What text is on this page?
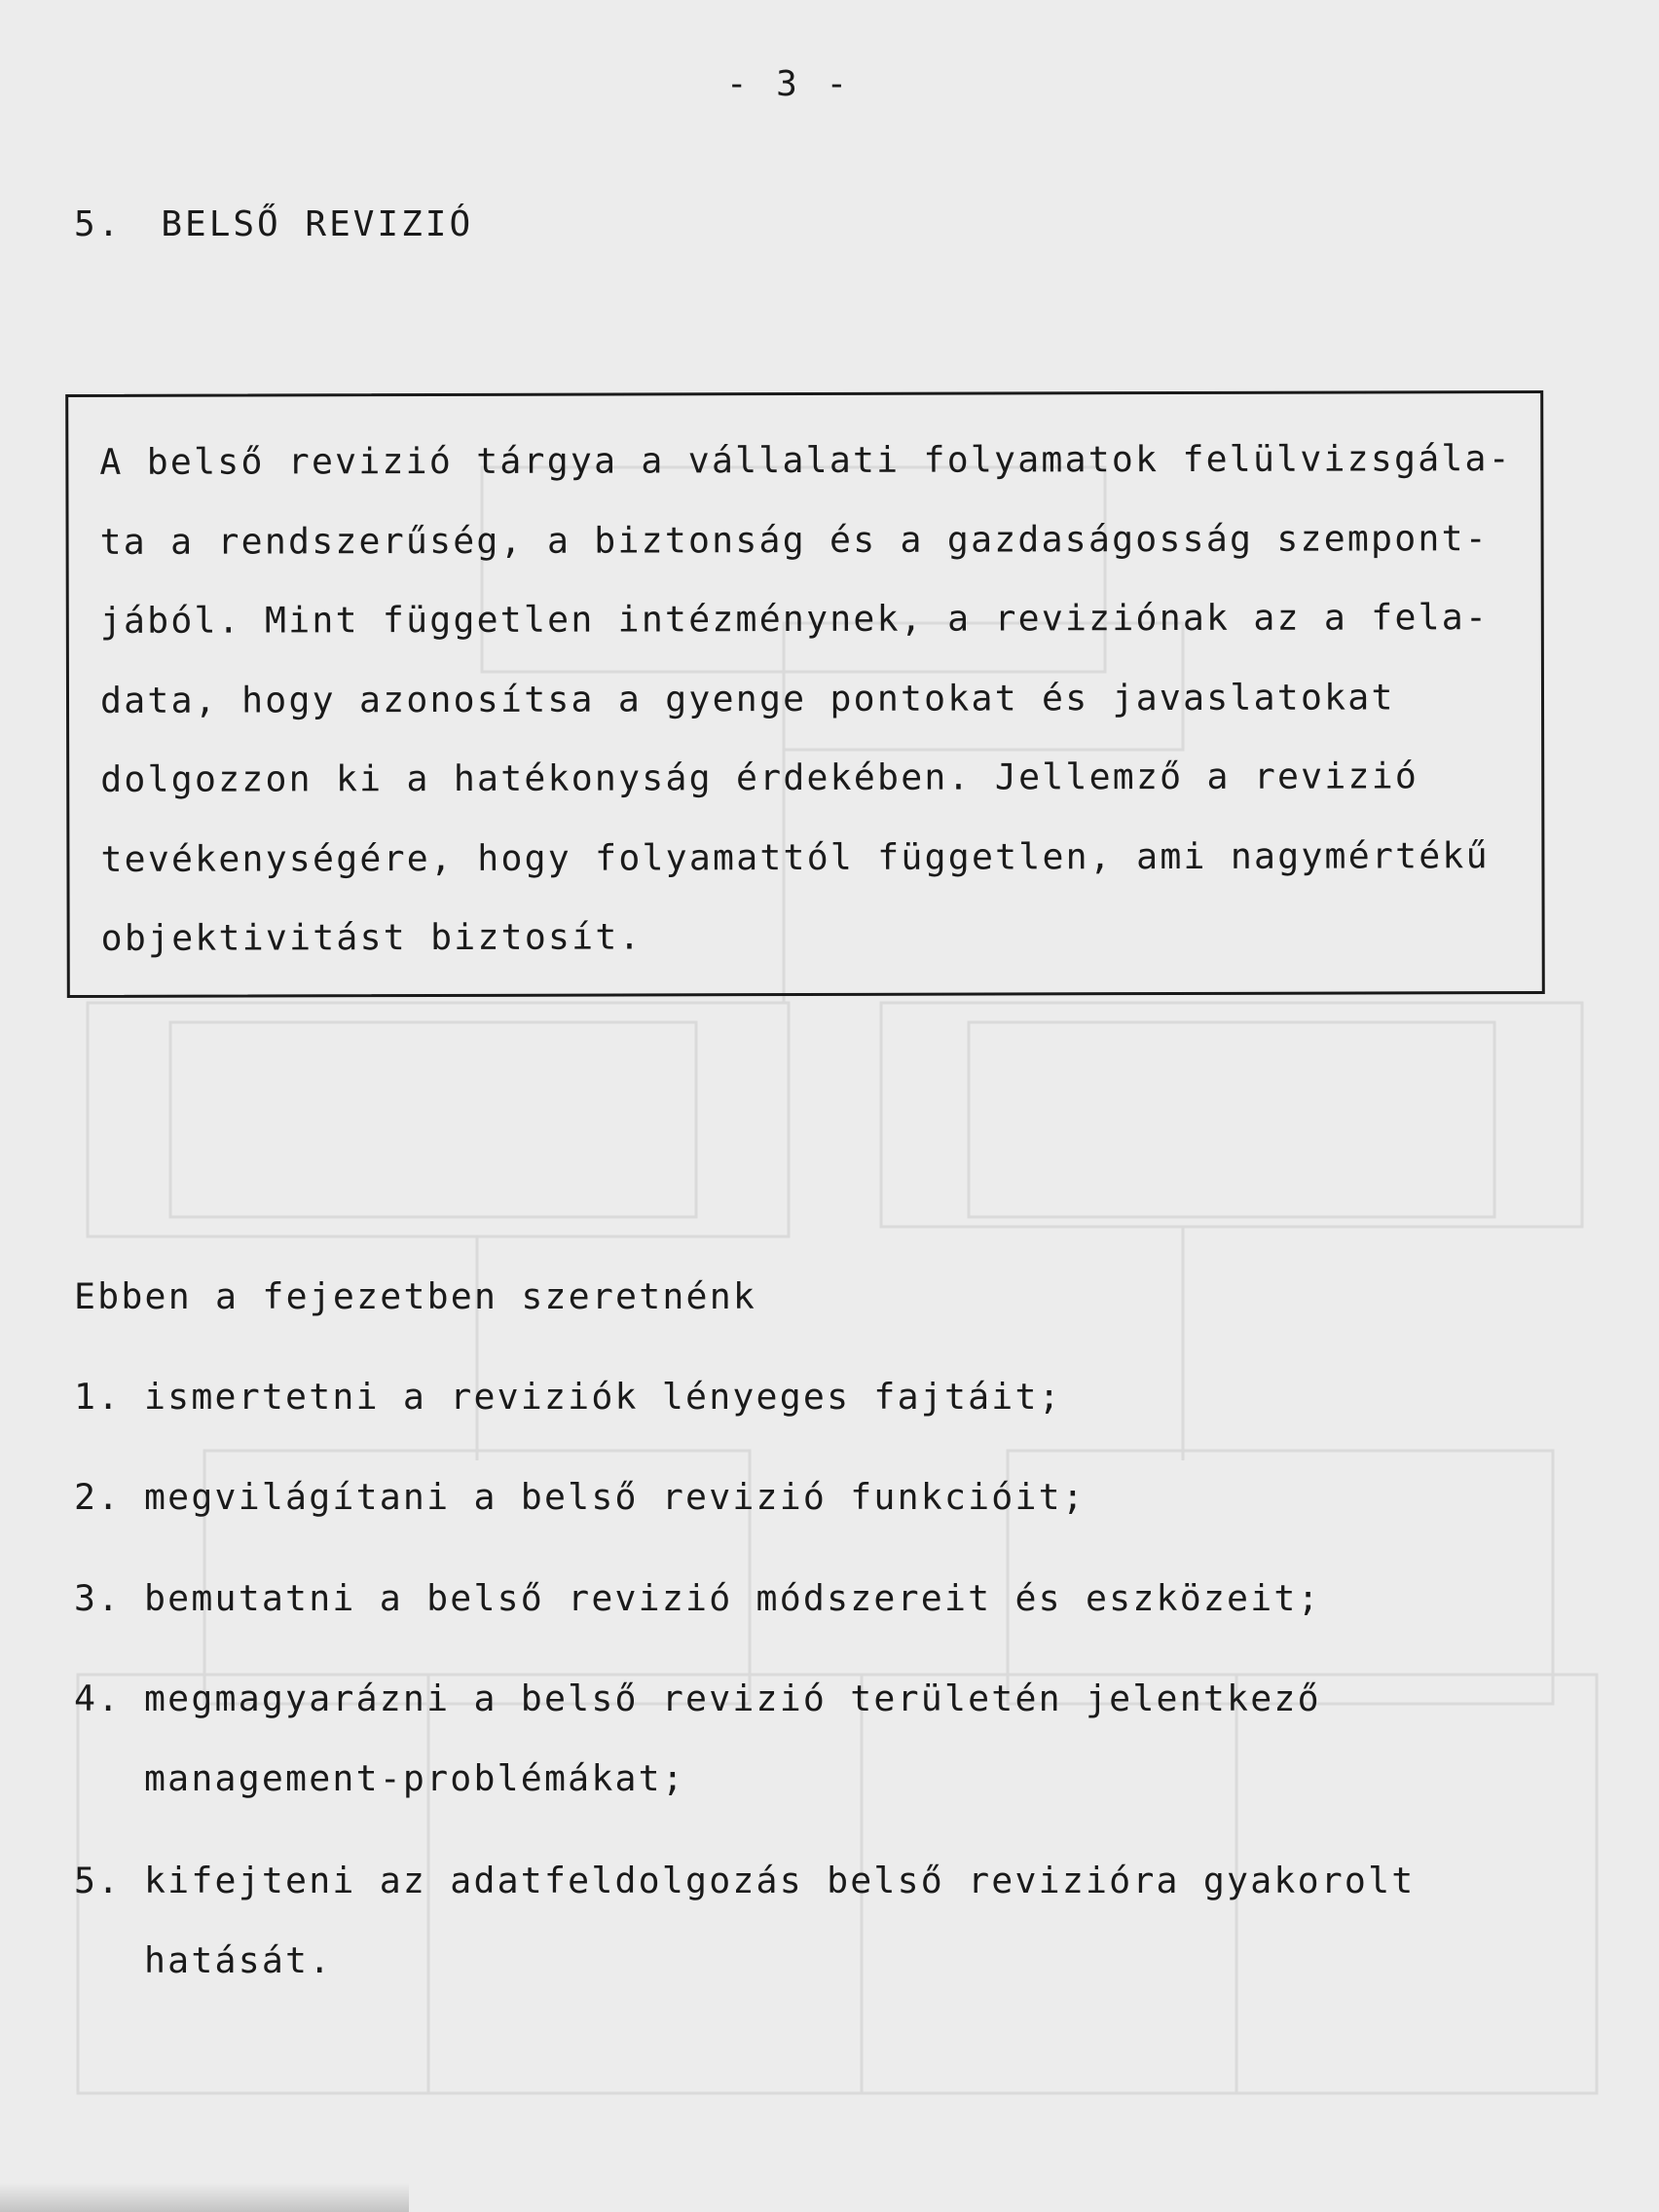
- 3 -
5. BELSŐ REVIZIÓ

A belső revizió tárgya a vállalati folyamatok felülvizsgála-

ta a rendszerűség, a biztonság és a gazdaságosság szempont-

jából. Mint független intézménynek, a reviziónak az a fela-

data, hogy azonosítsa a gyenge pontokat és javaslatokat

dolgozzon ki a hatékonyság érdekében. Jellemző a revizió

tevékenységére, hogy folyamattól független, ami nagymértékű

objektivitást biztosít.

Ebben a fejezetben szeretnénk
1. ismertetni a reviziók lényeges fajtáit;
2. megvilágítani a belső revizió funkcióit;
3. bemutatni a belső revizió módszereit és eszközeit;
4. megmagyarázni a belső revizió területén jelentkező
management-problémákat;
5. kifejteni az adatfeldolgozás belső revizióra gyakorolt
hatását.
